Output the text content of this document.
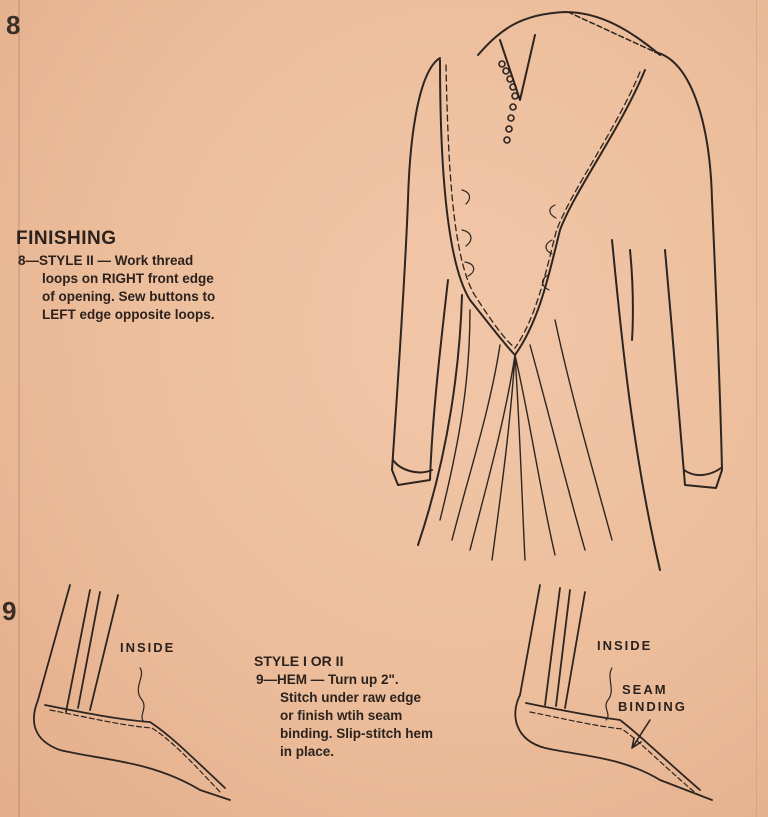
8
9
FINISHING
8—STYLE II — Work thread
loops on RIGHT front edge
of opening. Sew buttons to
LEFT edge opposite loops.
STYLE I OR II
9—HEM — Turn up 2".
Stitch under raw edge
or finish wtih seam
binding. Slip-stitch hem
in place.
INSIDE	INSIDE
SEAM
BINDING
